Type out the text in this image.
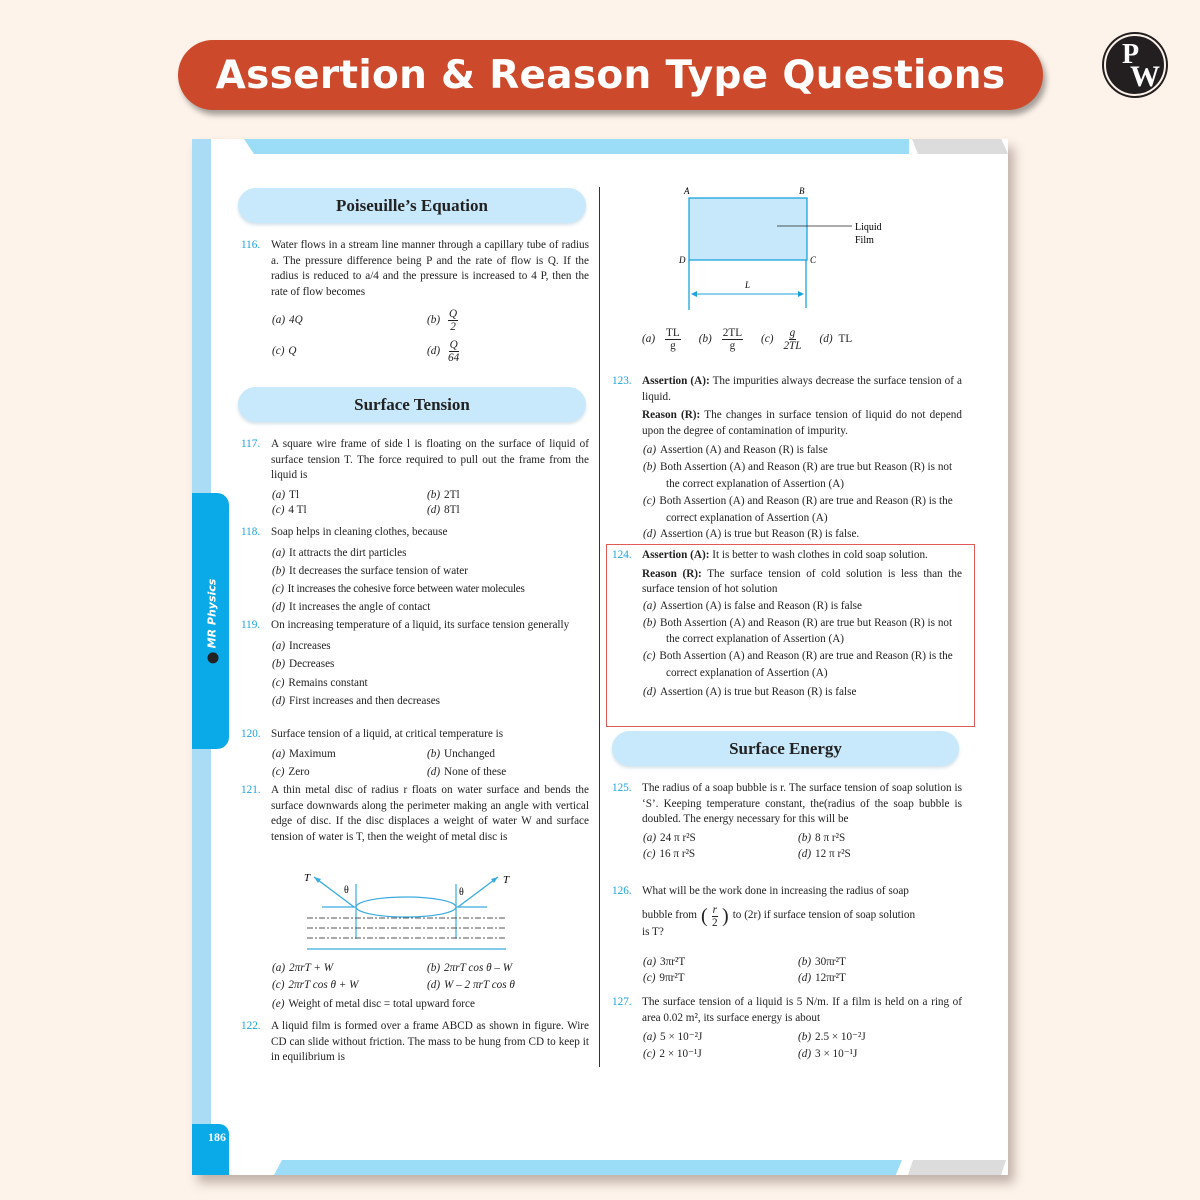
Assertion & Reason Type Questions	P
W
MR Physics
186
Poiseuille’s Equation
116. Water flows in a stream line manner through a capillary tube of radius a. The pressure difference being P and the rate of flow is Q. If the radius is reduced to a/4 and the pressure is increased to 4 P, then the rate of flow becomes
(a) 4Q	$(b) \frac{Q}{2}$
(c) Q	$(d) \frac{Q}{64}$
Surface Tension
117. A square wire frame of side l is floating on the surface of liquid of surface tension T. The force required to pull out the frame from the liquid is
(a) Tl	(b) 2Tl
(c) 4 Tl	(d) 8Tl
118. Soap helps in cleaning clothes, because
(a) It attracts the dirt particles
(b) It decreases the surface tension of water
(c) It increases the cohesive force between water molecules
(d) It increases the angle of contact
119. On increasing temperature of a liquid, its surface tension generally
(a) Increases
(b) Decreases
(c) Remains constant
(d) First increases and then decreases
120. Surface tension of a liquid, at critical temperature is
(a) Maximum	(b) Unchanged
(c) Zero	(d) None of these
121. A thin metal disc of radius r floats on water surface and bends the surface downwards along the perimeter making an angle with vertical edge of disc. If the disc displaces a weight of water W and surface tension of water is T, then the weight of metal disc is
T	T
θ	θ
(a) 2πrT + W	(b) 2πrT cos θ – W
(c) 2πrT cos θ + W	(d) W – 2 πrT cos θ
(e) Weight of metal disc = total upward force
122. A liquid film is formed over a frame ABCD as shown in figure. Wire CD can slide without friction. The mass to be hung from CD to keep it in equilibrium is
A	B
D	C
L
Liquid
Film
$(a) \frac{TL}{g} (b) \frac{2TL}{g} (c) \frac{g}{2TL} (d)$ TL
123. Assertion (A): The impurities always decrease the surface tension of a liquid.
Reason (R): The changes in surface tension of liquid do not depend upon the degree of contamination of impurity.
(a) Assertion (A) and Reason (R) is false
(b) Both Assertion (A) and Reason (R) are true but Reason (R) is not the correct explanation of Assertion (A)
(c) Both Assertion (A) and Reason (R) are true and Reason (R) is the correct explanation of Assertion (A)
(d) Assertion (A) is true but Reason (R) is false.
124. Assertion (A): It is better to wash clothes in cold soap solution.
Reason (R): The surface tension of cold solution is less than the surface tension of hot solution
(a) Assertion (A) is false and Reason (R) is false
(b) Both Assertion (A) and Reason (R) are true but Reason (R) is not the correct explanation of Assertion (A)
(c) Both Assertion (A) and Reason (R) are true and Reason (R) is the correct explanation of Assertion (A)
(d) Assertion (A) is true but Reason (R) is false
Surface Energy
125. The radius of a soap bubble is r. The surface tension of soap solution is ‘S’. Keeping temperature constant, the(radius of the soap bubble is doubled. The energy necessary for this will be
(a) 24 π r²S	(b) 8 π r²S
(c) 16 π r²S	(d) 12 π r²S
126. What will be the work done in increasing the radius of soap
bubble from ( $\frac{r}{2}$ ) to (2r) if surface tension of soap solution
is T?
(a) 3πr²T	(b) 30πr²T
(c) 9πr²T	(d) 12πr²T
127. The surface tension of a liquid is 5 N/m. If a film is held on a ring of area 0.02 m², its surface energy is about
(a) 5 × 10⁻²J	(b) 2.5 × 10⁻²J
(c) 2 × 10⁻¹J	(d) 3 × 10⁻¹J
